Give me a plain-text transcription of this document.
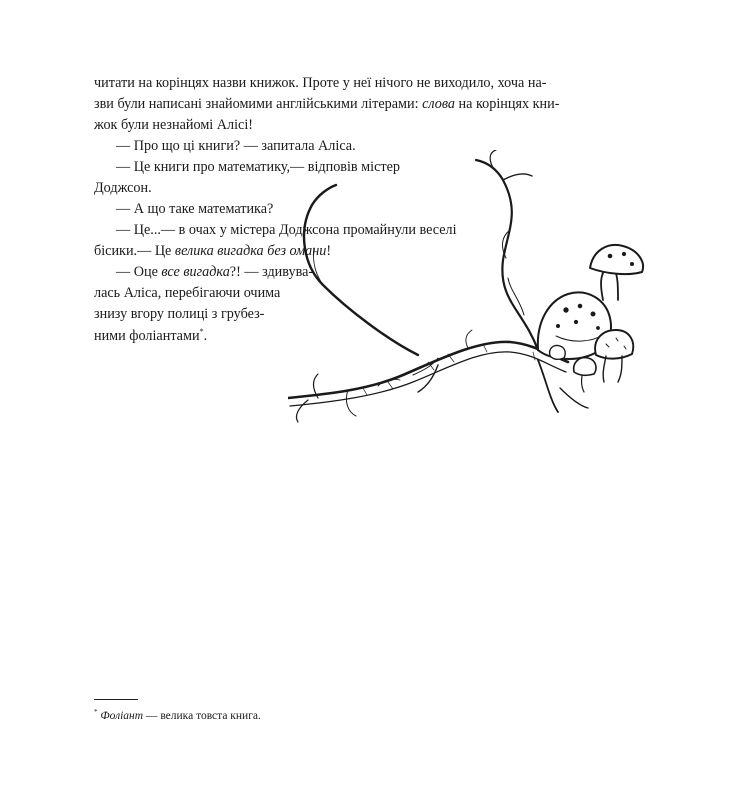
читати на корінцях назви книжок. Проте у неї нічого не виходило, хоча на-
зви були написані знайомими англійськими літерами: слова на корінцях кни-
жок були незнайомі Алісі!
— Про що ці книги? — запитала Аліса.
— Це книги про математику,— відповів містер
Доджсон.
— А що таке математика?
— Це...— в очах у містера Доджсона промайнули веселі
бісики.— Це велика вигадка без омани!
— Оце все вигадка?! — здивува-
лась Аліса, перебігаючи очима
знизу вгору полиці з грубез-
ними фоліантами*.
* Фоліант — велика товста книга.
